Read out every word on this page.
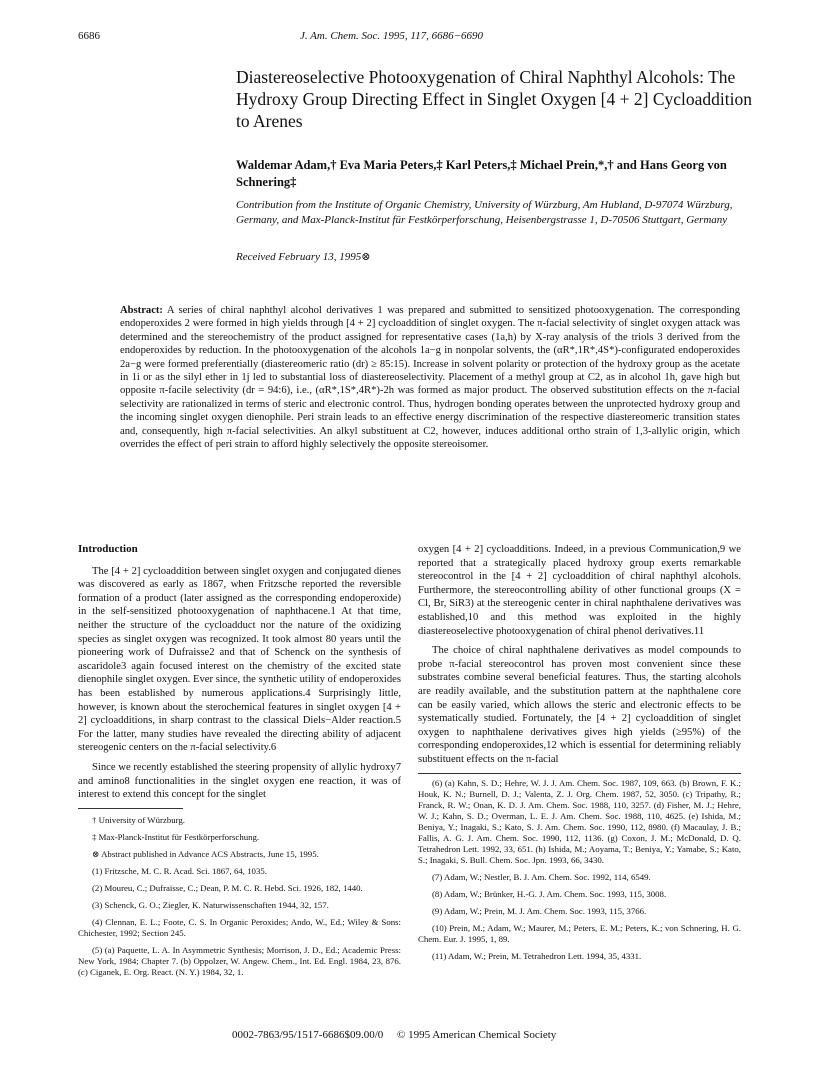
6686	J. Am. Chem. Soc. 1995, 117, 6686−6690
Diastereoselective Photooxygenation of Chiral Naphthyl Alcohols: The Hydroxy Group Directing Effect in Singlet Oxygen [4 + 2] Cycloaddition to Arenes
Waldemar Adam,† Eva Maria Peters,‡ Karl Peters,‡ Michael Prein,*,† and Hans Georg von Schnering‡
Contribution from the Institute of Organic Chemistry, University of Würzburg, Am Hubland, D-97074 Würzburg, Germany, and Max-Planck-Institut für Festkörperforschung, Heisenbergstrasse 1, D-70506 Stuttgart, Germany
Received February 13, 1995⊗
Abstract: A series of chiral naphthyl alcohol derivatives 1 was prepared and submitted to sensitized photooxygenation. The corresponding endoperoxides 2 were formed in high yields through [4 + 2] cycloaddition of singlet oxygen. The π-facial selectivity of singlet oxygen attack was determined and the stereochemistry of the product assigned for representative cases (1a,h) by X-ray analysis of the triols 3 derived from the endoperoxides by reduction. In the photooxygenation of the alcohols 1a−g in nonpolar solvents, the (αR*,1R*,4S*)-configurated endoperoxides 2a−g were formed preferentially (diastereomeric ratio (dr) ≥ 85:15). Increase in solvent polarity or protection of the hydroxy group as the acetate in 1i or as the silyl ether in 1j led to substantial loss of diastereoselectivity. Placement of a methyl group at C2, as in alcohol 1h, gave high but opposite π-facile selectivity (dr = 94:6), i.e., (αR*,1S*,4R*)-2h was formed as major product. The observed substitution effects on the π-facial selectivity are rationalized in terms of steric and electronic control. Thus, hydrogen bonding operates between the unprotected hydroxy group and the incoming singlet oxygen dienophile. Peri strain leads to an effective energy discrimination of the respective diastereomeric transition states and, consequently, high π-facial selectivities. An alkyl substituent at C2, however, induces additional ortho strain of 1,3-allylic origin, which overrides the effect of peri strain to afford highly selectively the opposite stereoisomer.
Introduction

The [4 + 2] cycloaddition between singlet oxygen and conjugated dienes was discovered as early as 1867, when Fritzsche reported the reversible formation of a product (later assigned as the corresponding endoperoxide) in the self-sensitized photooxygenation of naphthacene.1 At that time, neither the structure of the cycloadduct nor the nature of the oxidizing species as singlet oxygen was recognized. It took almost 80 years until the pioneering work of Dufraisse2 and that of Schenck on the synthesis of ascaridole3 again focused interest on the chemistry of the excited state dienophile singlet oxygen. Ever since, the synthetic utility of endoperoxides has been established by numerous applications.4 Surprisingly little, however, is known about the sterochemical features in singlet oxygen [4 + 2] cycloadditions, in sharp contrast to the classical Diels−Alder reaction.5 For the latter, many studies have revealed the directing ability of adjacent stereogenic centers on the π-facial selectivity.6

Since we recently established the steering propensity of allylic hydroxy7 and amino8 functionalities in the singlet oxygen ene reaction, it was of interest to extend this concept for the singlet

† University of Würzburg.

‡ Max-Planck-Institut für Festkörperforschung.

⊗ Abstract published in Advance ACS Abstracts, June 15, 1995.

(1) Fritzsche, M. C. R. Acad. Sci. 1867, 64, 1035.

(2) Moureu, C.; Dufraisse, C.; Dean, P. M. C. R. Hebd. Sci. 1926, 182, 1440.

(3) Schenck, G. O.; Ziegler, K. Naturwissenschaften 1944, 32, 157.

(4) Clennan, E. L.; Foote, C. S. In Organic Peroxides; Ando, W., Ed.; Wiley & Sons: Chichester, 1992; Section 245.

(5) (a) Paquette, L. A. In Asymmetric Synthesis; Morrison, J. D., Ed.; Academic Press: New York, 1984; Chapter 7. (b) Oppolzer, W. Angew. Chem., Int. Ed. Engl. 1984, 23, 876. (c) Ciganek, E. Org. React. (N. Y.) 1984, 32, 1.

oxygen [4 + 2] cycloadditions. Indeed, in a previous Communication,9 we reported that a strategically placed hydroxy group exerts remarkable stereocontrol in the [4 + 2] cycloaddition of chiral naphthyl alcohols. Furthermore, the stereocontrolling ability of other functional groups (X = Cl, Br, SiR3) at the stereogenic center in chiral naphthalene derivatives was established,10 and this method was exploited in the highly diastereoselective photooxygenation of chiral phenol derivatives.11

The choice of chiral naphthalene derivatives as model compounds to probe π-facial stereocontrol has proven most convenient since these substrates combine several beneficial features. Thus, the starting alcohols are readily available, and the substitution pattern at the naphthalene core can be easily varied, which allows the steric and electronic effects to be systematically studied. Fortunately, the [4 + 2] cycloaddition of singlet oxygen to naphthalene derivatives gives high yields (≥95%) of the corresponding endoperoxides,12 which is essential for determining reliably substituent effects on the π-facial

(6) (a) Kahn, S. D.; Hehre, W. J. J. Am. Chem. Soc. 1987, 109, 663. (b) Brown, F. K.; Houk, K. N.; Burnell, D. J.; Valenta, Z. J. Org. Chem. 1987, 52, 3050. (c) Tripathy, R.; Franck, R. W.; Onan, K. D. J. Am. Chem. Soc. 1988, 110, 3257. (d) Fisher, M. J.; Hehre, W. J.; Kahn, S. D.; Overman, L. E. J. Am. Chem. Soc. 1988, 110, 4625. (e) Ishida, M.; Beniya, Y.; Inagaki, S.; Kato, S. J. Am. Chem. Soc. 1990, 112, 8980. (f) Macaulay, J. B.; Fallis, A. G. J. Am. Chem. Soc. 1990, 112, 1136. (g) Coxon, J. M.; McDonald, D. Q. Tetrahedron Lett. 1992, 33, 651. (h) Ishida, M.; Aoyama, T.; Beniya, Y.; Yamabe, S.; Kato, S.; Inagaki, S. Bull. Chem. Soc. Jpn. 1993, 66, 3430.

(7) Adam, W.; Nestler, B. J. Am. Chem. Soc. 1992, 114, 6549.

(8) Adam, W.; Brünker, H.-G. J. Am. Chem. Soc. 1993, 115, 3008.

(9) Adam, W.; Prein, M. J. Am. Chem. Soc. 1993, 115, 3766.

(10) Prein, M.; Adam, W.; Maurer, M.; Peters, E. M.; Peters, K.; von Schnering, H. G. Chem. Eur. J. 1995, 1, 89.

(11) Adam, W.; Prein, M. Tetrahedron Lett. 1994, 35, 4331.

0002-7863/95/1517-6686$09.00/0     © 1995 American Chemical Society
